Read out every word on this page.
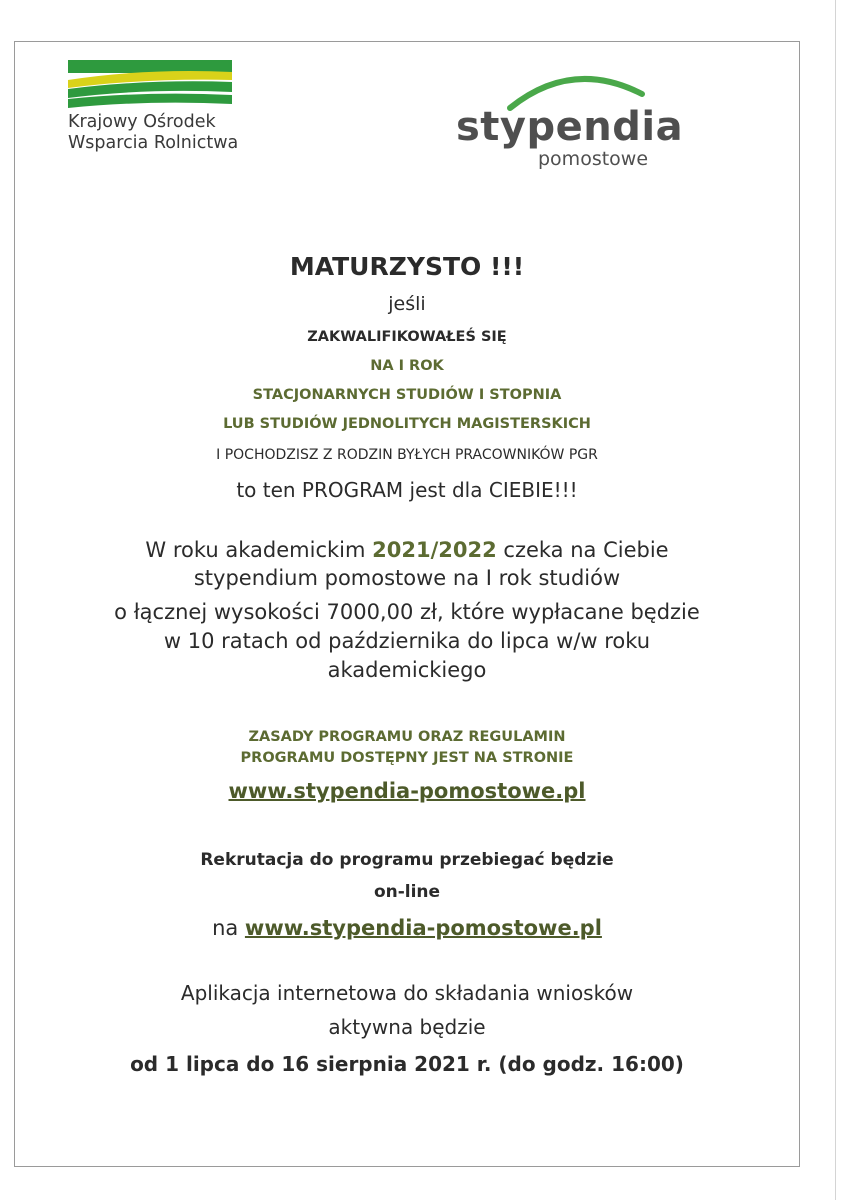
Krajowy Ośrodek
Wsparcia Rolnictwa	stypendia
pomostowe
MATURZYSTO !!!
jeśli
ZAKWALIFIKOWAŁEŚ SIĘ
NA I ROK
STACJONARNYCH STUDIÓW I STOPNIA
LUB STUDIÓW JEDNOLITYCH MAGISTERSKICH
I POCHODZISZ Z RODZIN BYŁYCH PRACOWNIKÓW PGR
to ten PROGRAM jest dla CIEBIE!!!
W roku akademickim 2021/2022 czeka na Ciebie
stypendium pomostowe na I rok studiów
o łącznej wysokości 7000,00 zł, które wypłacane będzie
w 10 ratach od października do lipca w/w roku
akademickiego
ZASADY PROGRAMU ORAZ REGULAMIN
PROGRAMU DOSTĘPNY JEST NA STRONIE
www.stypendia-pomostowe.pl
Rekrutacja do programu przebiegać będzie
on-line
na www.stypendia-pomostowe.pl
Aplikacja internetowa do składania wniosków
aktywna będzie
od 1 lipca do 16 sierpnia 2021 r. (do godz. 16:00)
